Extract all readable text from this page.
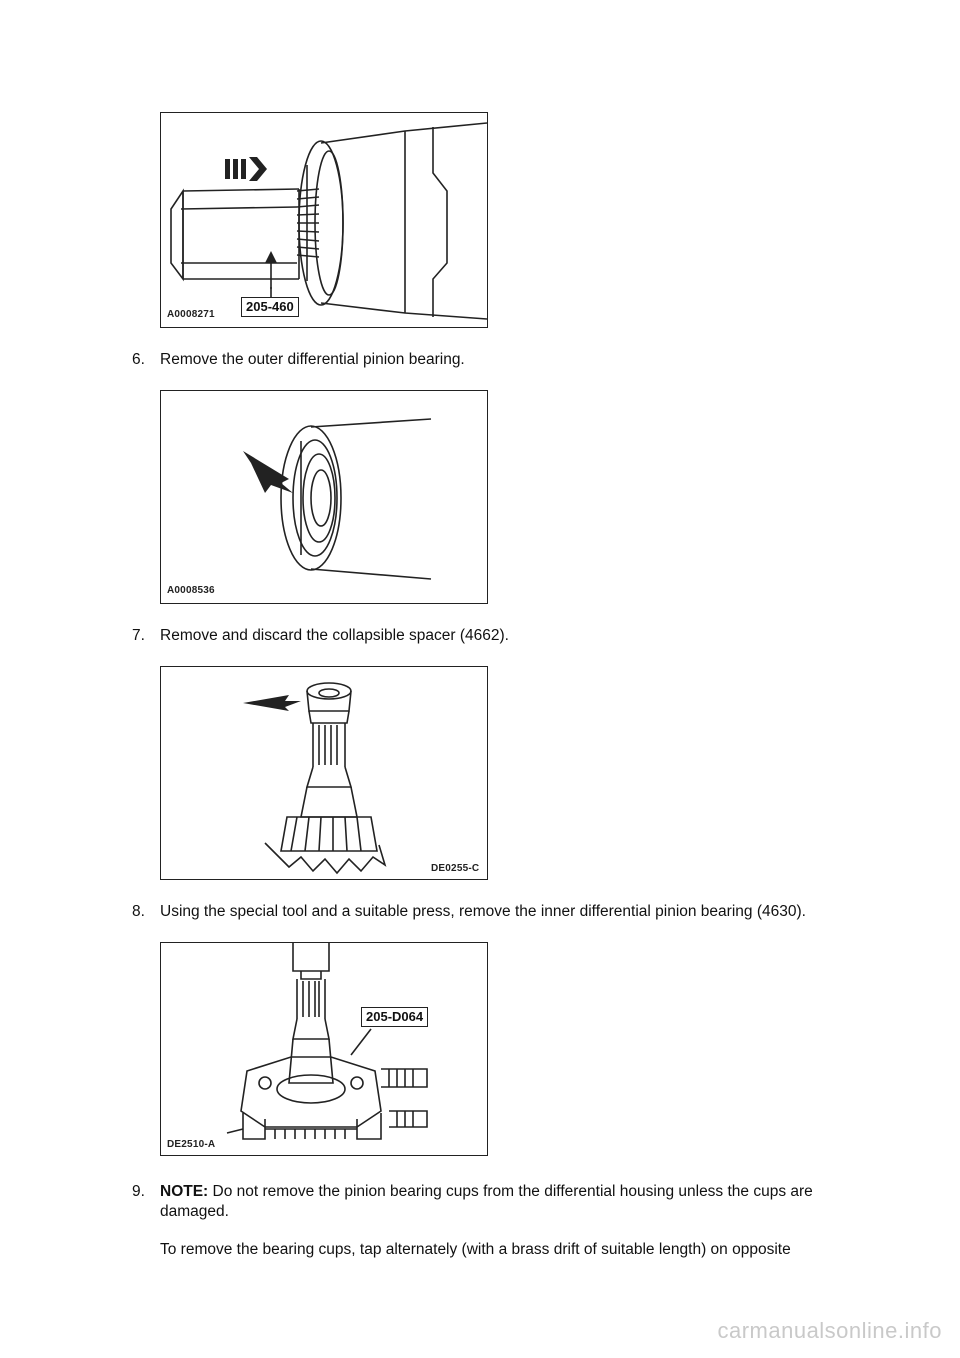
205-460
A0008271
6. Remove the outer differential pinion bearing.
A0008536
7. Remove and discard the collapsible spacer (4662).
DE0255-C
8. Using the special tool and a suitable press, remove the inner differential pinion bearing (4630).
205-D064
DE2510-A
9. NOTE: Do not remove the pinion bearing cups from the differential housing unless the cups are
damaged.
To remove the bearing cups, tap alternately (with a brass drift of suitable length) on opposite
carmanualsonline.info
